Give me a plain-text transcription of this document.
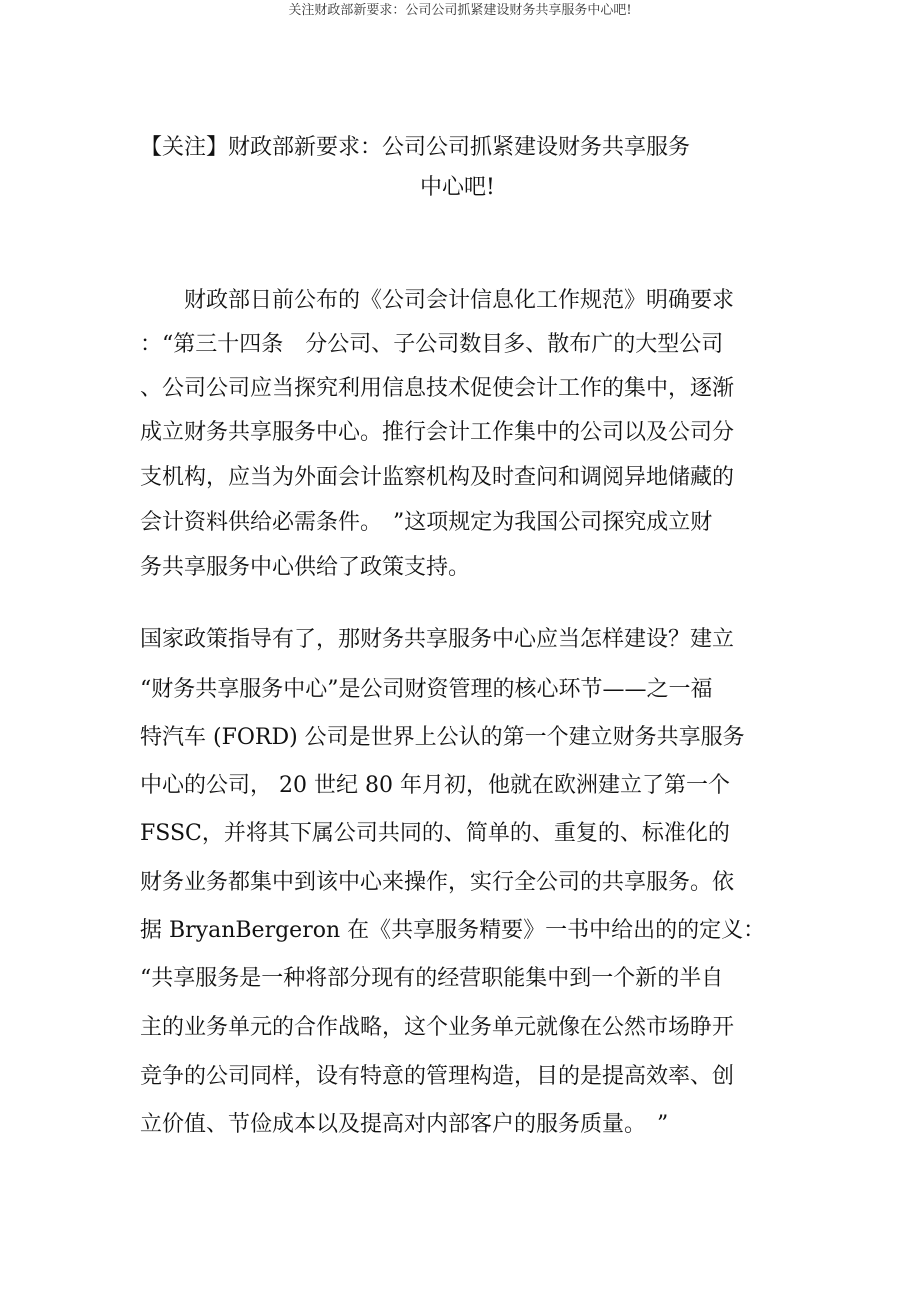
关注财政部新要求：公司公司抓紧建设财务共享服务中心吧!
【关注】财政部新要求：公司公司抓紧建设财务共享服务
中心吧!
　　财政部日前公布的《公司会计信息化工作规范》明确要求
：“第三十四条　分公司、子公司数目多、散布广的大型公司
、公司公司应当探究利用信息技术促使会计工作的集中，逐渐
成立财务共享服务中心。推行会计工作集中的公司以及公司分
支机构，应当为外面会计监察机构及时查问和调阅异地储藏的
会计资料供给必需条件。　”这项规定为我国公司探究成立财
务共享服务中心供给了政策支持。
国家政策指导有了，那财务共享服务中心应当怎样建设？建立
“财务共享服务中心”是公司财资管理的核心环节——之一福
特汽车 (FORD) 公司是世界上公认的第一个建立财务共享服务
中心的公司， 20 世纪 80 年月初，他就在欧洲建立了第一个
FSSC，并将其下属公司共同的、简单的、重复的、标准化的
财务业务都集中到该中心来操作，实行全公司的共享服务。依
据 BryanBergeron 在《共享服务精要》一书中给出的的定义：
“共享服务是一种将部分现有的经营职能集中到一个新的半自
主的业务单元的合作战略，这个业务单元就像在公然市场睁开
竞争的公司同样，设有特意的管理构造，目的是提高效率、创
立价值、节俭成本以及提高对内部客户的服务质量。　”
